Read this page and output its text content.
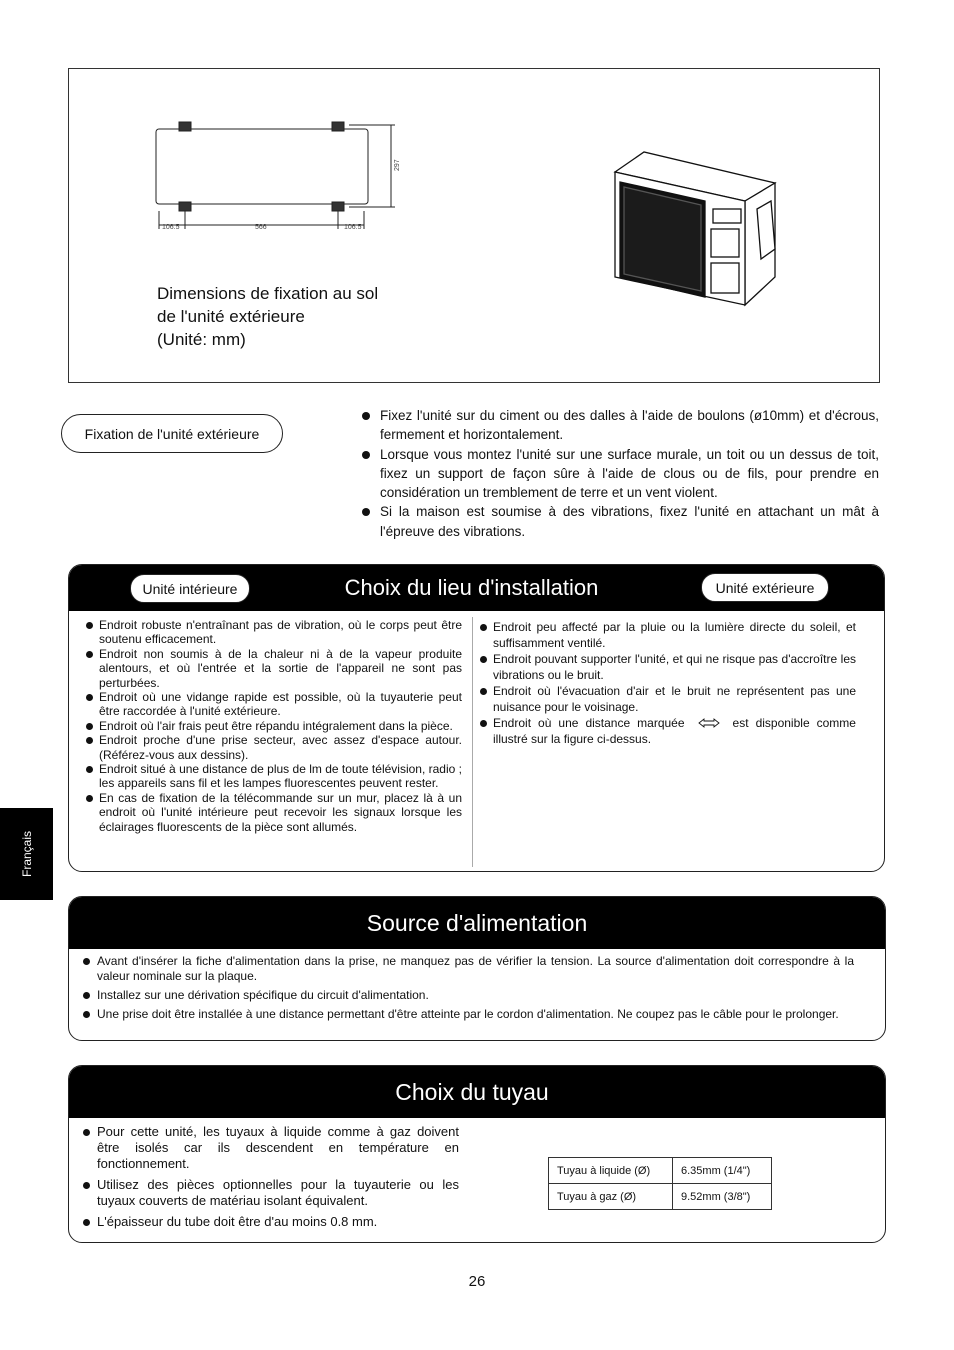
106.5	566	106.5
297
Dimensions de fixation au sol
de l'unité extérieure
(Unité: mm)
Fixation de l'unité extérieure
Fixez l'unité sur du ciment ou des dalles à l'aide de boulons (ø10mm) et d'écrous, fermement et horizontalement.
Lorsque vous montez l'unité sur une surface murale, un toit ou un dessus de toit, fixez un support de façon sûre à l'aide de clous ou de fils, pour prendre en considération un tremblement de terre et un vent violent.
Si la maison est soumise à des vibrations, fixez l'unité en attachant un mât à l'épreuve des vibrations.
Choix du lieu d'installation
Unité intérieure	Unité extérieure
Endroit robuste n'entraînant pas de vibration, où le corps peut être soutenu efficacement.
Endroit non soumis à de la chaleur ni à de la vapeur produite alentours, et où l'entrée et la sortie de l'appareil ne sont pas perturbées.
Endroit où une vidange rapide est possible, où la tuyauterie peut être raccordée à l'unité extérieure.
Endroit où l'air frais peut être répandu intégralement dans la pièce.
Endroit proche d'une prise secteur, avec assez d'espace autour. (Référez-vous aux dessins).
Endroit situé à une distance de plus de lm de toute télévision, radio ; les appareils sans fil et les lampes fluorescentes peuvent rester.
En cas de fixation de la télécommande sur un mur, placez là à un endroit où l'unité intérieure peut recevoir les signaux lorsque les éclairages fluorescents de la pièce sont allumés.
Endroit peu affecté par la pluie ou la lumière directe du soleil, et suffisamment ventilé.
Endroit pouvant supporter l'unité, et qui ne risque pas d'accroître les vibrations ou le bruit.
Endroit où l'évacuation d'air et le bruit ne représentent pas une nuisance pour le voisinage.
Endroit où une distance marquée	est disponible comme illustré sur la figure ci-dessus.
Français
Source d'alimentation
Avant d'insérer la fiche d'alimentation dans la prise, ne manquez pas de vérifier la tension. La source d'alimentation doit correspondre à la valeur nominale sur la plaque.
Installez sur une dérivation spécifique du circuit d'alimentation.
Une prise doit être installée à une distance permettant d'être atteinte par le cordon d'alimentation. Ne coupez pas le câble pour le prolonger.
Choix du tuyau
Pour cette unité, les tuyaux à liquide comme à gaz doivent être isolés car ils descendent en température en fonctionnement.
Utilisez des pièces optionnelles pour la tuyauterie ou les tuyaux couverts de matériau isolant équivalent.
L'épaisseur du tube doit être d'au moins 0.8 mm.
Tuyau à liquide (Ø)	6.35mm (1/4")
Tuyau à gaz (Ø)	9.52mm (3/8")
26
